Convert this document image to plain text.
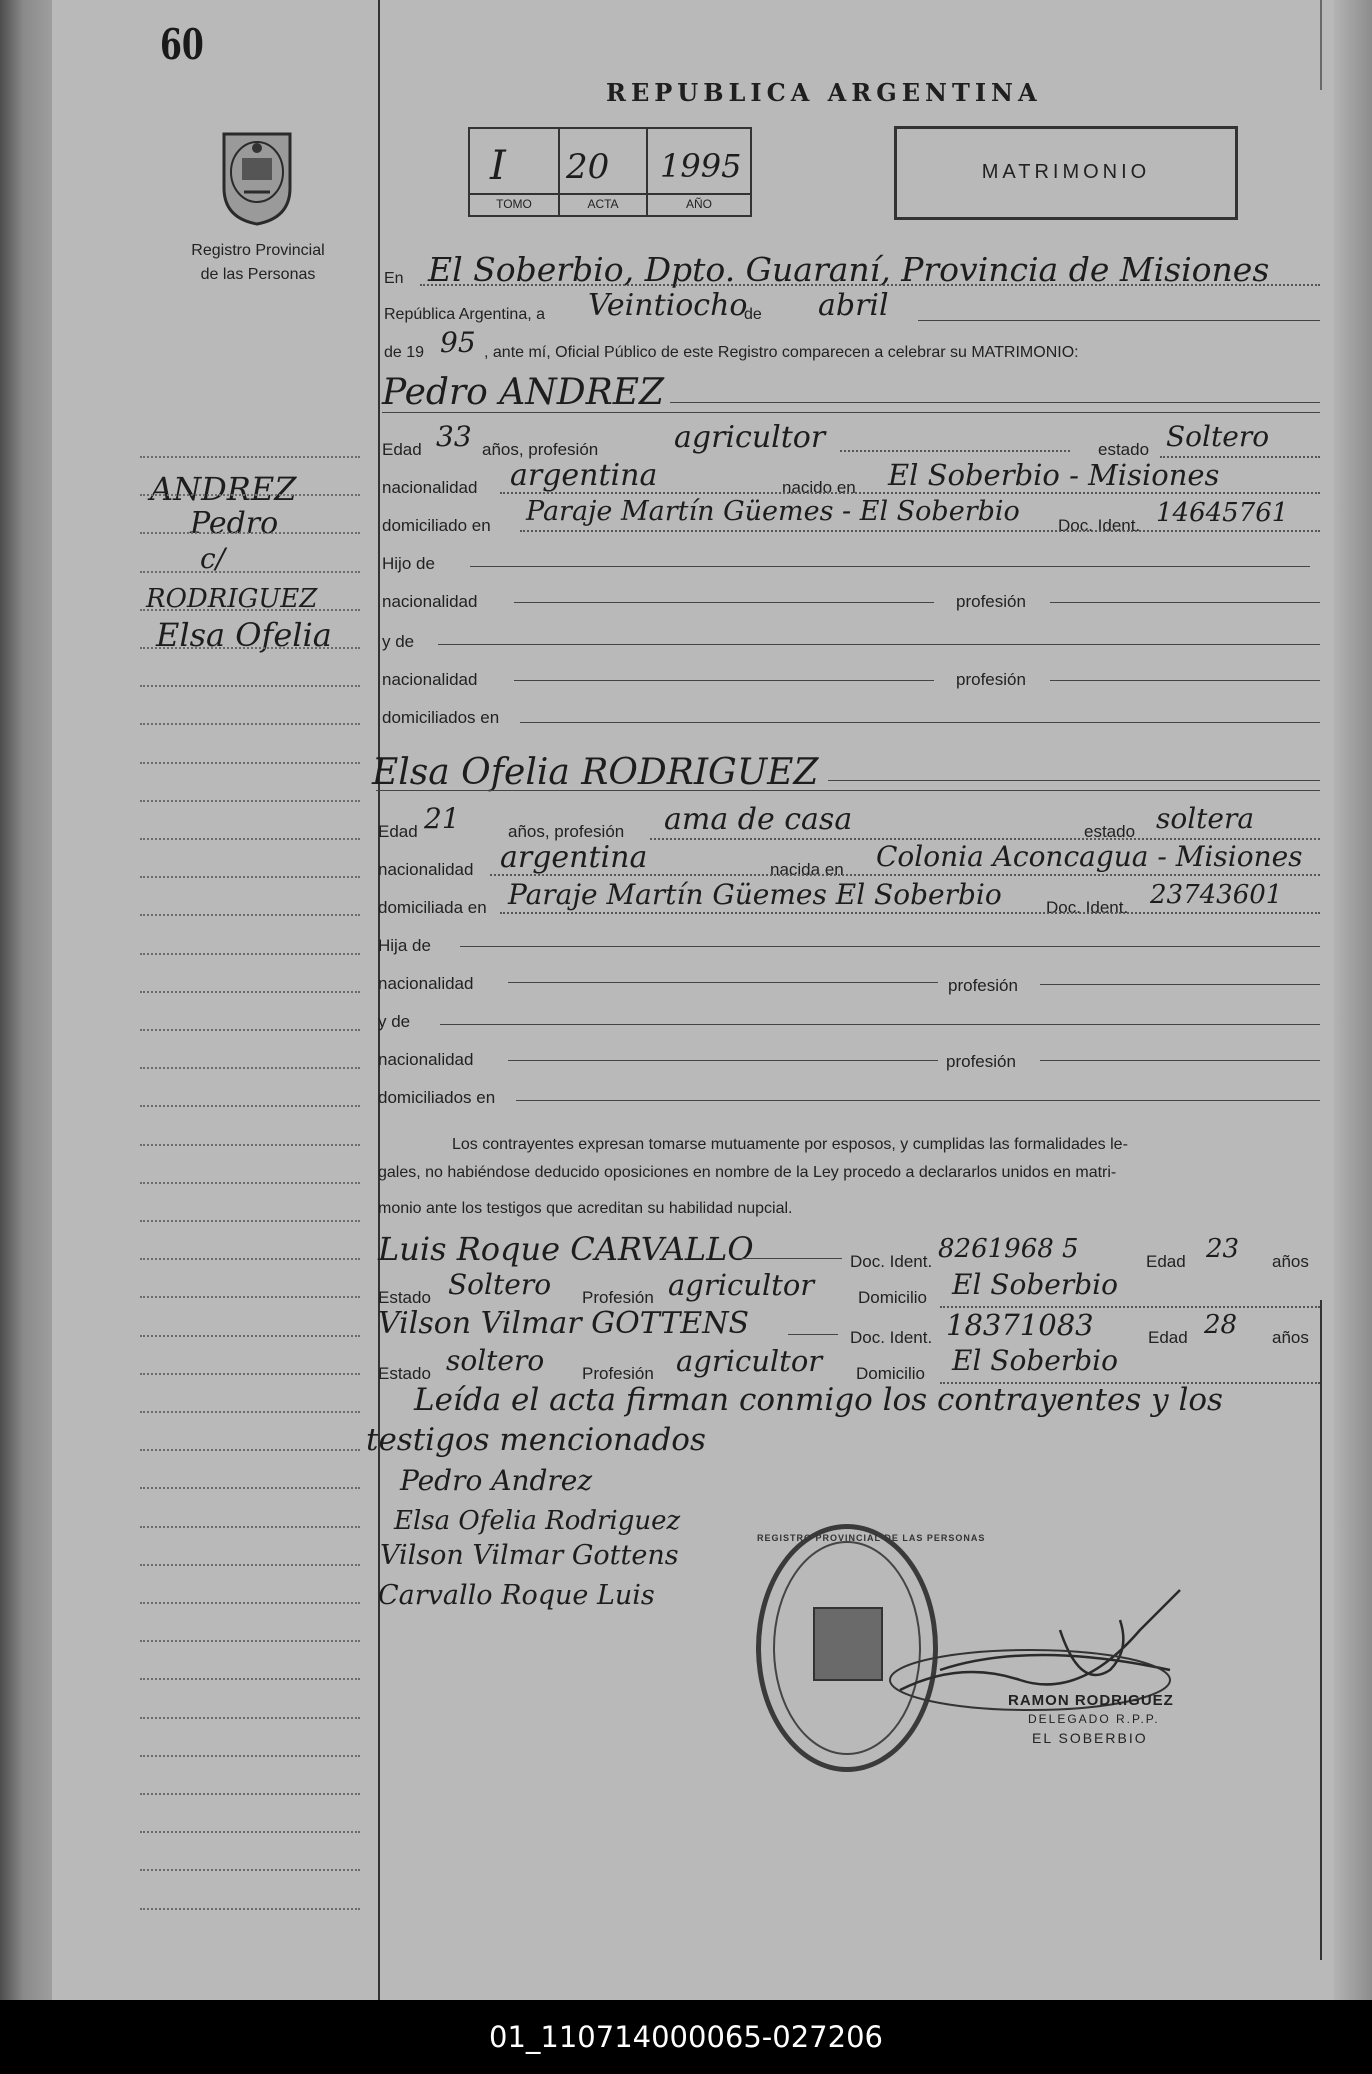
60
Registro Provincial
de las Personas
REPUBLICA ARGENTINA
I 20 1995
TOMO	ACTA	AÑO
MATRIMONIO
ANDREZ
Pedro
c/
RODRIGUEZ
Elsa Ofelia
En El Soberbio, Dpto. Guaraní, Provincia de Misiones
República Argentina, a Veintiocho
de abril
de 19 95 , ante mí, Oficial Público de este Registro comparecen a celebrar su MATRIMONIO:
Pedro ANDREZ
Edad 33 años, profesión	agricultor	estado Soltero
nacionalidad argentina	nacido en El Soberbio - Misiones
domiciliado en Paraje Martín Güemes - El Soberbio Doc. Ident. 14645761
Hijo de
nacionalidad	profesión
y de
nacionalidad	profesión
domiciliados en
Elsa Ofelia RODRIGUEZ
Edad 21	años, profesión ama de casa	estado soltera
nacionalidad argentina	nacida en Colonia Aconcagua - Misiones
domiciliada en Paraje Martín Güemes El Soberbio	Doc. Ident. 23743601
Hija de
nacionalidad	profesión
y de
nacionalidad	profesión
domiciliados en
Los contrayentes expresan tomarse mutuamente por esposos, y cumplidas las formalidades le-
gales, no habiéndose deducido oposiciones en nombre de la Ley procedo a declararlos unidos en matri-
monio ante los testigos que acreditan su habilidad nupcial.
Luis Roque CARVALLO	Doc. Ident. 8261968 5	Edad 23 años
Estado Soltero Profesión agricultor	Domicilio El Soberbio
Vilson Vilmar GOTTENS	Doc. Ident. 18371083	Edad 28 años
Estado soltero Profesión agricultor Domicilio El Soberbio
Leída el acta firman conmigo los contrayentes y los
testigos mencionados
Pedro Andrez
Elsa Ofelia Rodriguez
Vilson Vilmar Gottens
Carvallo Roque Luis
REGISTRO PROVINCIAL DE LAS PERSONAS
RAMON RODRIGUEZ
DELEGADO R.P.P.
EL SOBERBIO
01_110714000065-027206
